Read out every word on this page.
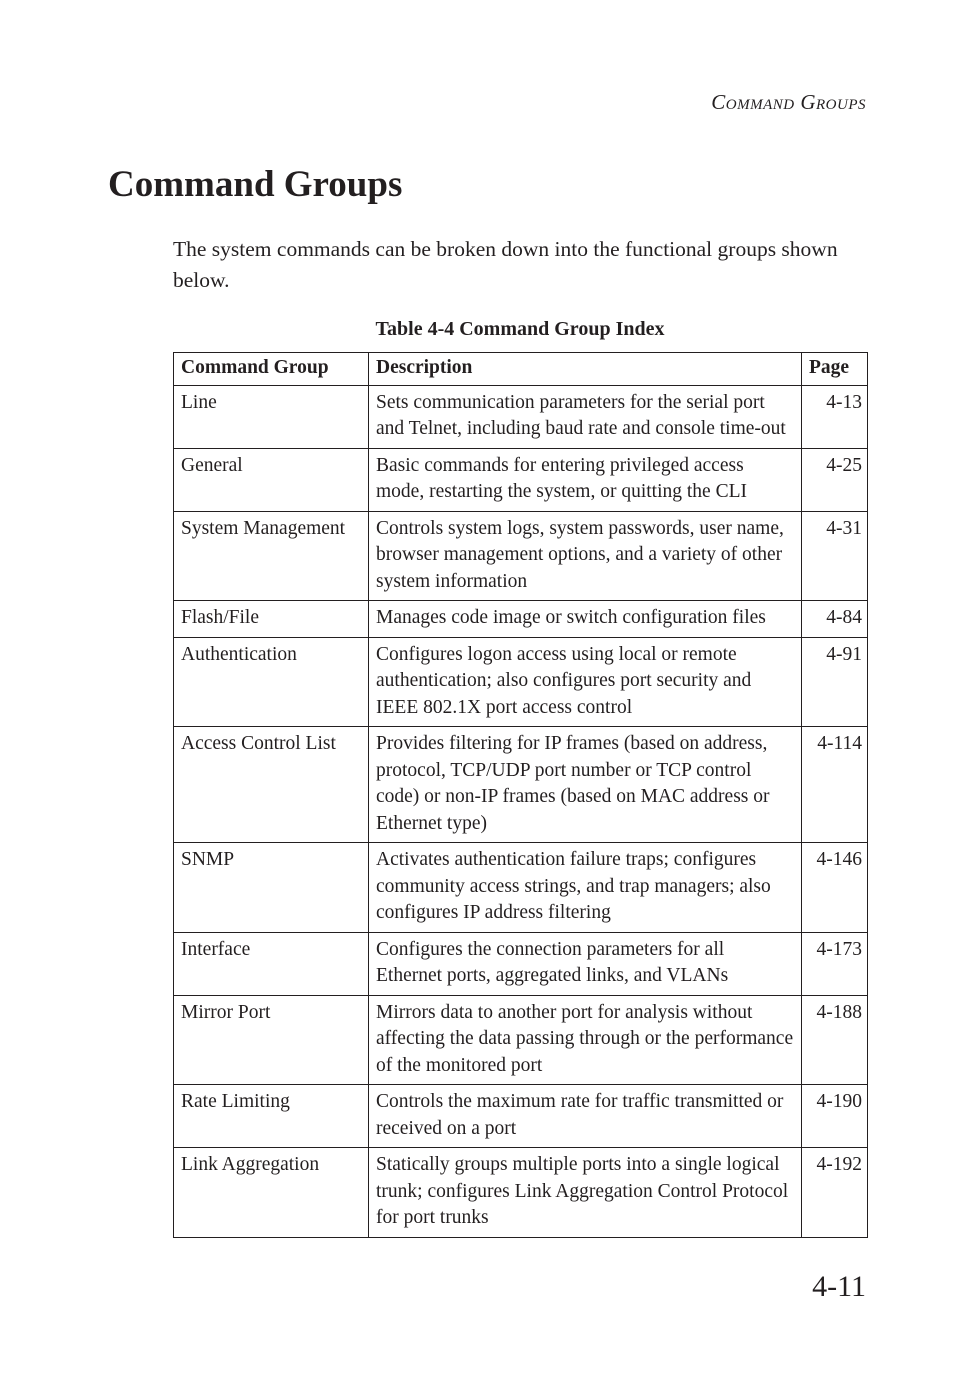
Command Groups
Command Groups

The system commands can be broken down into the functional groups shown below.

Table 4-4 Command Group Index
Command Group	Description	Page
Line	Sets communication parameters for the serial port and Telnet, including baud rate and console time-out	4-13
General	Basic commands for entering privileged access mode, restarting the system, or quitting the CLI	4-25
System Management	Controls system logs, system passwords, user name, browser management options, and a variety of other system information	4-31
Flash/File	Manages code image or switch configuration files	4-84
Authentication	Configures logon access using local or remote authentication; also configures port security and IEEE 802.1X port access control	4-91
Access Control List	Provides filtering for IP frames (based on address, protocol, TCP/UDP port number or TCP control code) or non-IP frames (based on MAC address or Ethernet type)	4-114
SNMP	Activates authentication failure traps; configures community access strings, and trap managers; also configures IP address filtering	4-146
Interface	Configures the connection parameters for all Ethernet ports, aggregated links, and VLANs	4-173
Mirror Port	Mirrors data to another port for analysis without affecting the data passing through or the performance of the monitored port	4-188
Rate Limiting	Controls the maximum rate for traffic transmitted or received on a port	4-190
Link Aggregation	Statically groups multiple ports into a single logical trunk; configures Link Aggregation Control Protocol for port trunks	4-192
4-11
